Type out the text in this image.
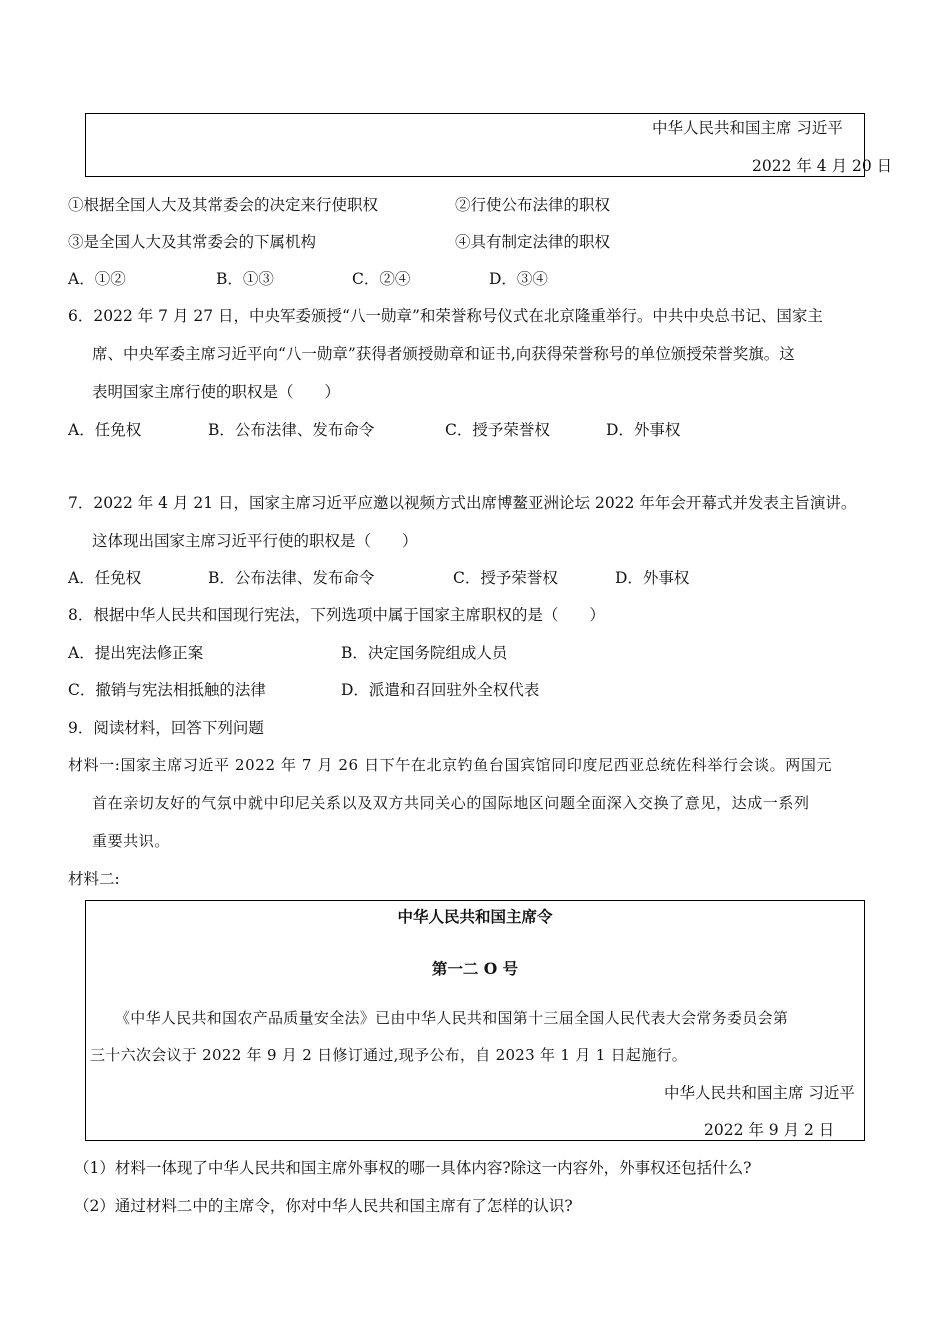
中华人民共和国主席 习近平
2022 年 4 月 20 日
①根据全国人大及其常委会的决定来行使职权	②行使公布法律的职权
③是全国人大及其常委会的下属机构	④具有制定法律的职权
A．①②	B．①③	C．②④	D．③④
6．2022 年 7 月 27 日，中央军委颁授“八一勋章”和荣誉称号仪式在北京隆重举行。中共中央总书记、国家主
席、中央军委主席习近平向“八一勋章”获得者颁授勋章和证书,向获得荣誉称号的单位颁授荣誉奖旗。这
表明国家主席行使的职权是（　　）
A．任免权	B．公布法律、发布命令	C．授予荣誉权	D．外事权
7．2022 年 4 月 21 日，国家主席习近平应邀以视频方式出席博鳌亚洲论坛 2022 年年会开幕式并发表主旨演讲。
这体现出国家主席习近平行使的职权是（　　）
A．任免权	B．公布法律、发布命令	C．授予荣誉权	D．外事权
8．根据中华人民共和国现行宪法，下列选项中属于国家主席职权的是（　　）
A．提出宪法修正案	B．决定国务院组成人员
C．撤销与宪法相抵触的法律	D．派遣和召回驻外全权代表
9．阅读材料，回答下列问题
材料一:国家主席习近平 2022 年 7 月 26 日下午在北京钓鱼台国宾馆同印度尼西亚总统佐科举行会谈。两国元
首在亲切友好的气氛中就中印尼关系以及双方共同关心的国际地区问题全面深入交换了意见，达成一系列
重要共识。
材料二:
中华人民共和国主席令
第一二 O 号
《中华人民共和国农产品质量安全法》已由中华人民共和国第十三届全国人民代表大会常务委员会第
三十六次会议于 2022 年 9 月 2 日修订通过,现予公布，自 2023 年 1 月 1 日起施行。
中华人民共和国主席 习近平
2022 年 9 月 2 日
（1）材料一体现了中华人民共和国主席外事权的哪一具体内容?除这一内容外，外事权还包括什么?
（2）通过材料二中的主席令，你对中华人民共和国主席有了怎样的认识?
